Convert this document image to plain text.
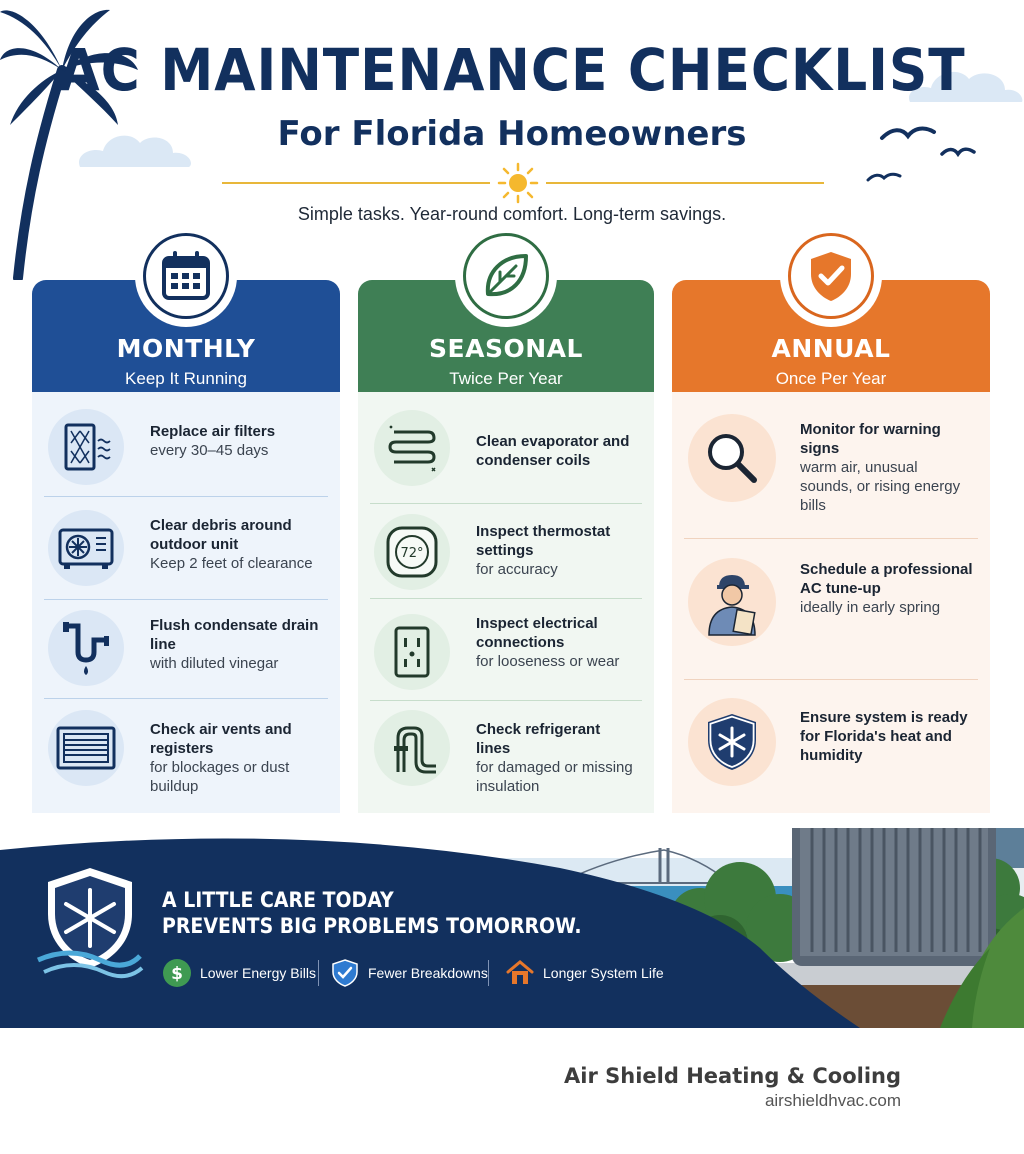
AC MAINTENANCE CHECKLIST
For Florida Homeowners
Simple tasks. Year-round comfort. Long-term savings.
MONTHLY
Keep It Running
Replace air filters
every 30–45 days
Clear debris around outdoor unit
Keep 2 feet of clearance
Flush condensate drain line
with diluted vinegar
Check air vents and registers
for blockages or dust buildup
SEASONAL
Twice Per Year
Clean evaporator and condenser coils
72°
Inspect thermostat settings
for accuracy
Inspect electrical connections
for looseness or wear
Check refrigerant lines
for damaged or missing insulation
ANNUAL
Once Per Year
Monitor for warning signs
warm air, unusual sounds, or rising energy bills
Schedule a professional AC tune-up
ideally in early spring
Ensure system is ready for Florida's heat and humidity
A LITTLE CARE TODAY
PREVENTS BIG PROBLEMS TOMORROW.
$ Lower Energy Bills	Fewer Breakdowns	Longer System Life
Air Shield Heating & Cooling
airshieldhvac.com
